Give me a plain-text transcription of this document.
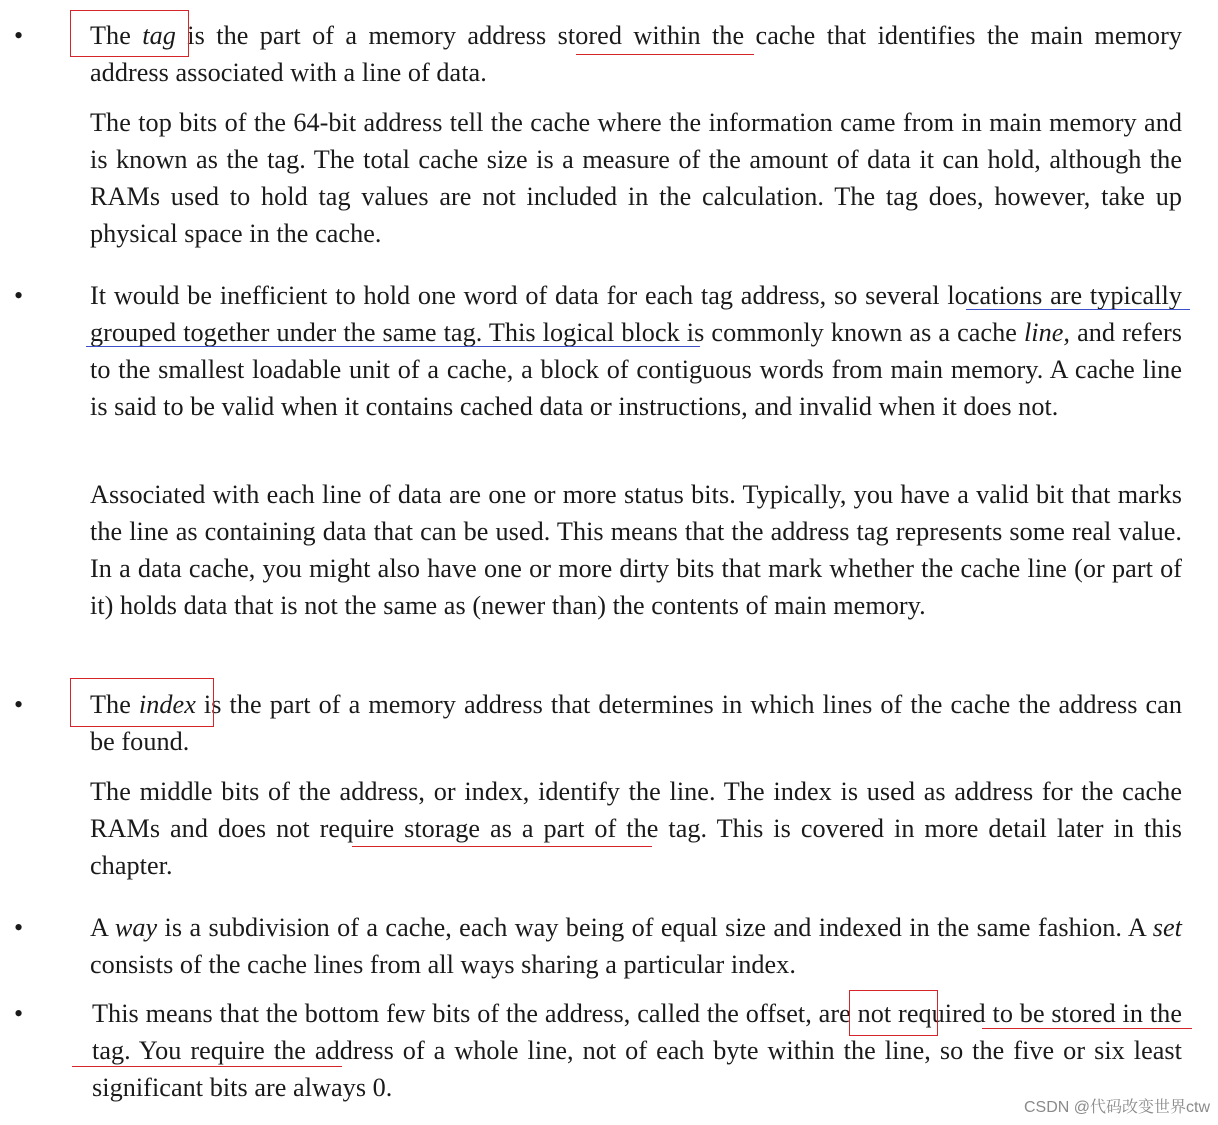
•	The tag is the part of a memory address stored within the cache that identifies the main memory address associated with a line of data.
The top bits of the 64-bit address tell the cache where the information came from in main memory and is known as the tag. The total cache size is a measure of the amount of data it can hold, although the RAMs used to hold tag values are not included in the calculation. The tag does, however, take up physical space in the cache.
•	It would be inefficient to hold one word of data for each tag address, so several locations are typically grouped together under the same tag. This logical block is commonly known as a cache line, and refers to the smallest loadable unit of a cache, a block of contiguous words from main memory. A cache line is said to be valid when it contains cached data or instructions, and invalid when it does not.
Associated with each line of data are one or more status bits. Typically, you have a valid bit that marks the line as containing data that can be used. This means that the address tag represents some real value. In a data cache, you might also have one or more dirty bits that mark whether the cache line (or part of it) holds data that is not the same as (newer than) the contents of main memory.
•	The index is the part of a memory address that determines in which lines of the cache the address can be found.
The middle bits of the address, or index, identify the line. The index is used as address for the cache RAMs and does not require storage as a part of the tag. This is covered in more detail later in this chapter.
•	A way is a subdivision of a cache, each way being of equal size and indexed in the same fashion. A set consists of the cache lines from all ways sharing a particular index.
•	This means that the bottom few bits of the address, called the offset, are not required to be stored in the tag. You require the address of a whole line, not of each byte within the line, so the five or six least significant bits are always 0.
CSDN @代码改变世界ctw
